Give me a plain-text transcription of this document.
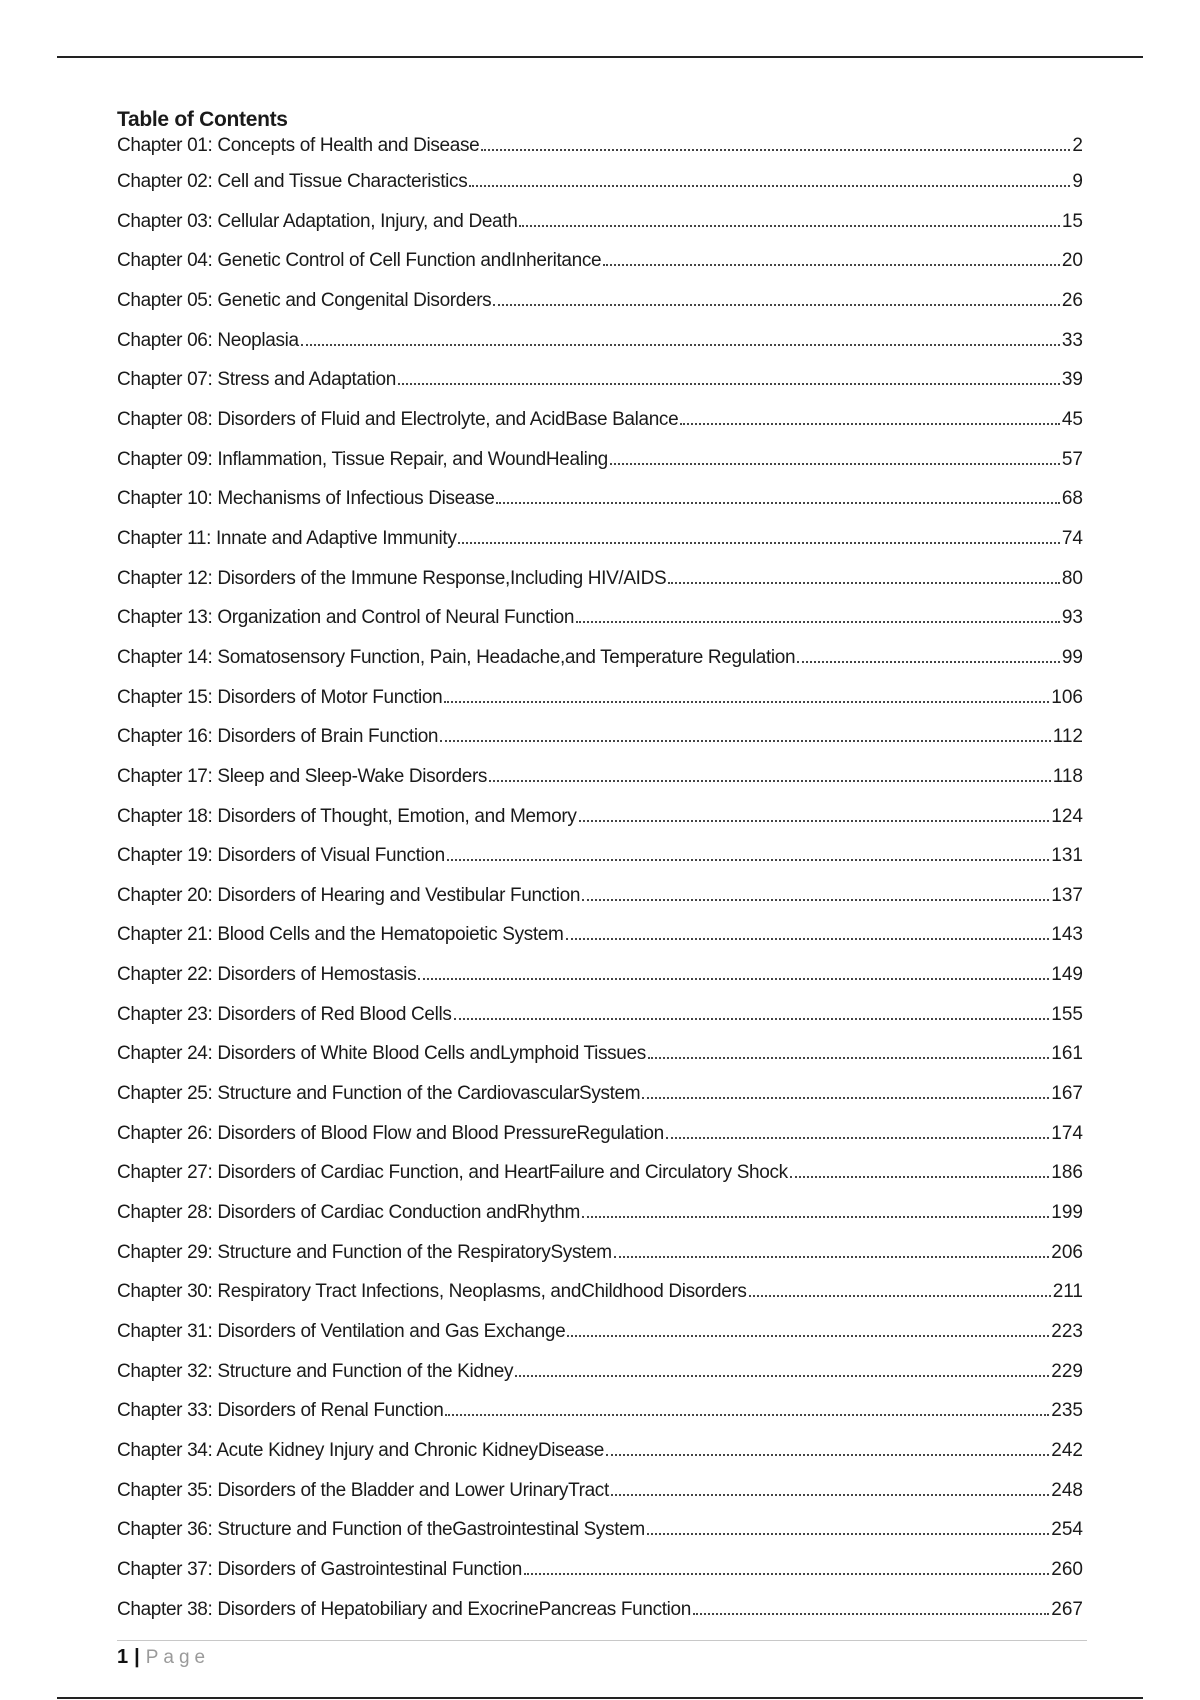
Table of Contents
Chapter 01: Concepts of Health and Disease	2
Chapter 02: Cell and Tissue Characteristics	9
Chapter 03: Cellular Adaptation, Injury, and Death	15
Chapter 04: Genetic Control of Cell Function andInheritance	20
Chapter 05: Genetic and Congenital Disorders	26
Chapter 06: Neoplasia	33
Chapter 07: Stress and Adaptation	39
Chapter 08: Disorders of Fluid and Electrolyte, and AcidBase Balance	45
Chapter 09: Inflammation, Tissue Repair, and WoundHealing	57
Chapter 10: Mechanisms of Infectious Disease	68
Chapter 11: Innate and Adaptive Immunity	74
Chapter 12: Disorders of the Immune Response,Including HIV/AIDS	80
Chapter 13: Organization and Control of Neural Function	93
Chapter 14: Somatosensory Function, Pain, Headache,and Temperature Regulation	99
Chapter 15: Disorders of Motor Function	106
Chapter 16: Disorders of Brain Function	112
Chapter 17: Sleep and Sleep-Wake Disorders	118
Chapter 18: Disorders of Thought, Emotion, and Memory	124
Chapter 19: Disorders of Visual Function	131
Chapter 20: Disorders of Hearing and Vestibular Function	137
Chapter 21: Blood Cells and the Hematopoietic System	143
Chapter 22: Disorders of Hemostasis	149
Chapter 23: Disorders of Red Blood Cells	155
Chapter 24: Disorders of White Blood Cells andLymphoid Tissues	161
Chapter 25: Structure and Function of the CardiovascularSystem	167
Chapter 26: Disorders of Blood Flow and Blood PressureRegulation	174
Chapter 27: Disorders of Cardiac Function, and HeartFailure and Circulatory Shock	186
Chapter 28: Disorders of Cardiac Conduction andRhythm	199
Chapter 29: Structure and Function of the RespiratorySystem	206
Chapter 30: Respiratory Tract Infections, Neoplasms, andChildhood Disorders	211
Chapter 31: Disorders of Ventilation and Gas Exchange	223
Chapter 32: Structure and Function of the Kidney	229
Chapter 33: Disorders of Renal Function	235
Chapter 34: Acute Kidney Injury and Chronic KidneyDisease	242
Chapter 35: Disorders of the Bladder and Lower UrinaryTract	248
Chapter 36: Structure and Function of theGastrointestinal System	254
Chapter 37: Disorders of Gastrointestinal Function	260
Chapter 38: Disorders of Hepatobiliary and ExocrinePancreas Function	267
1 | Page
